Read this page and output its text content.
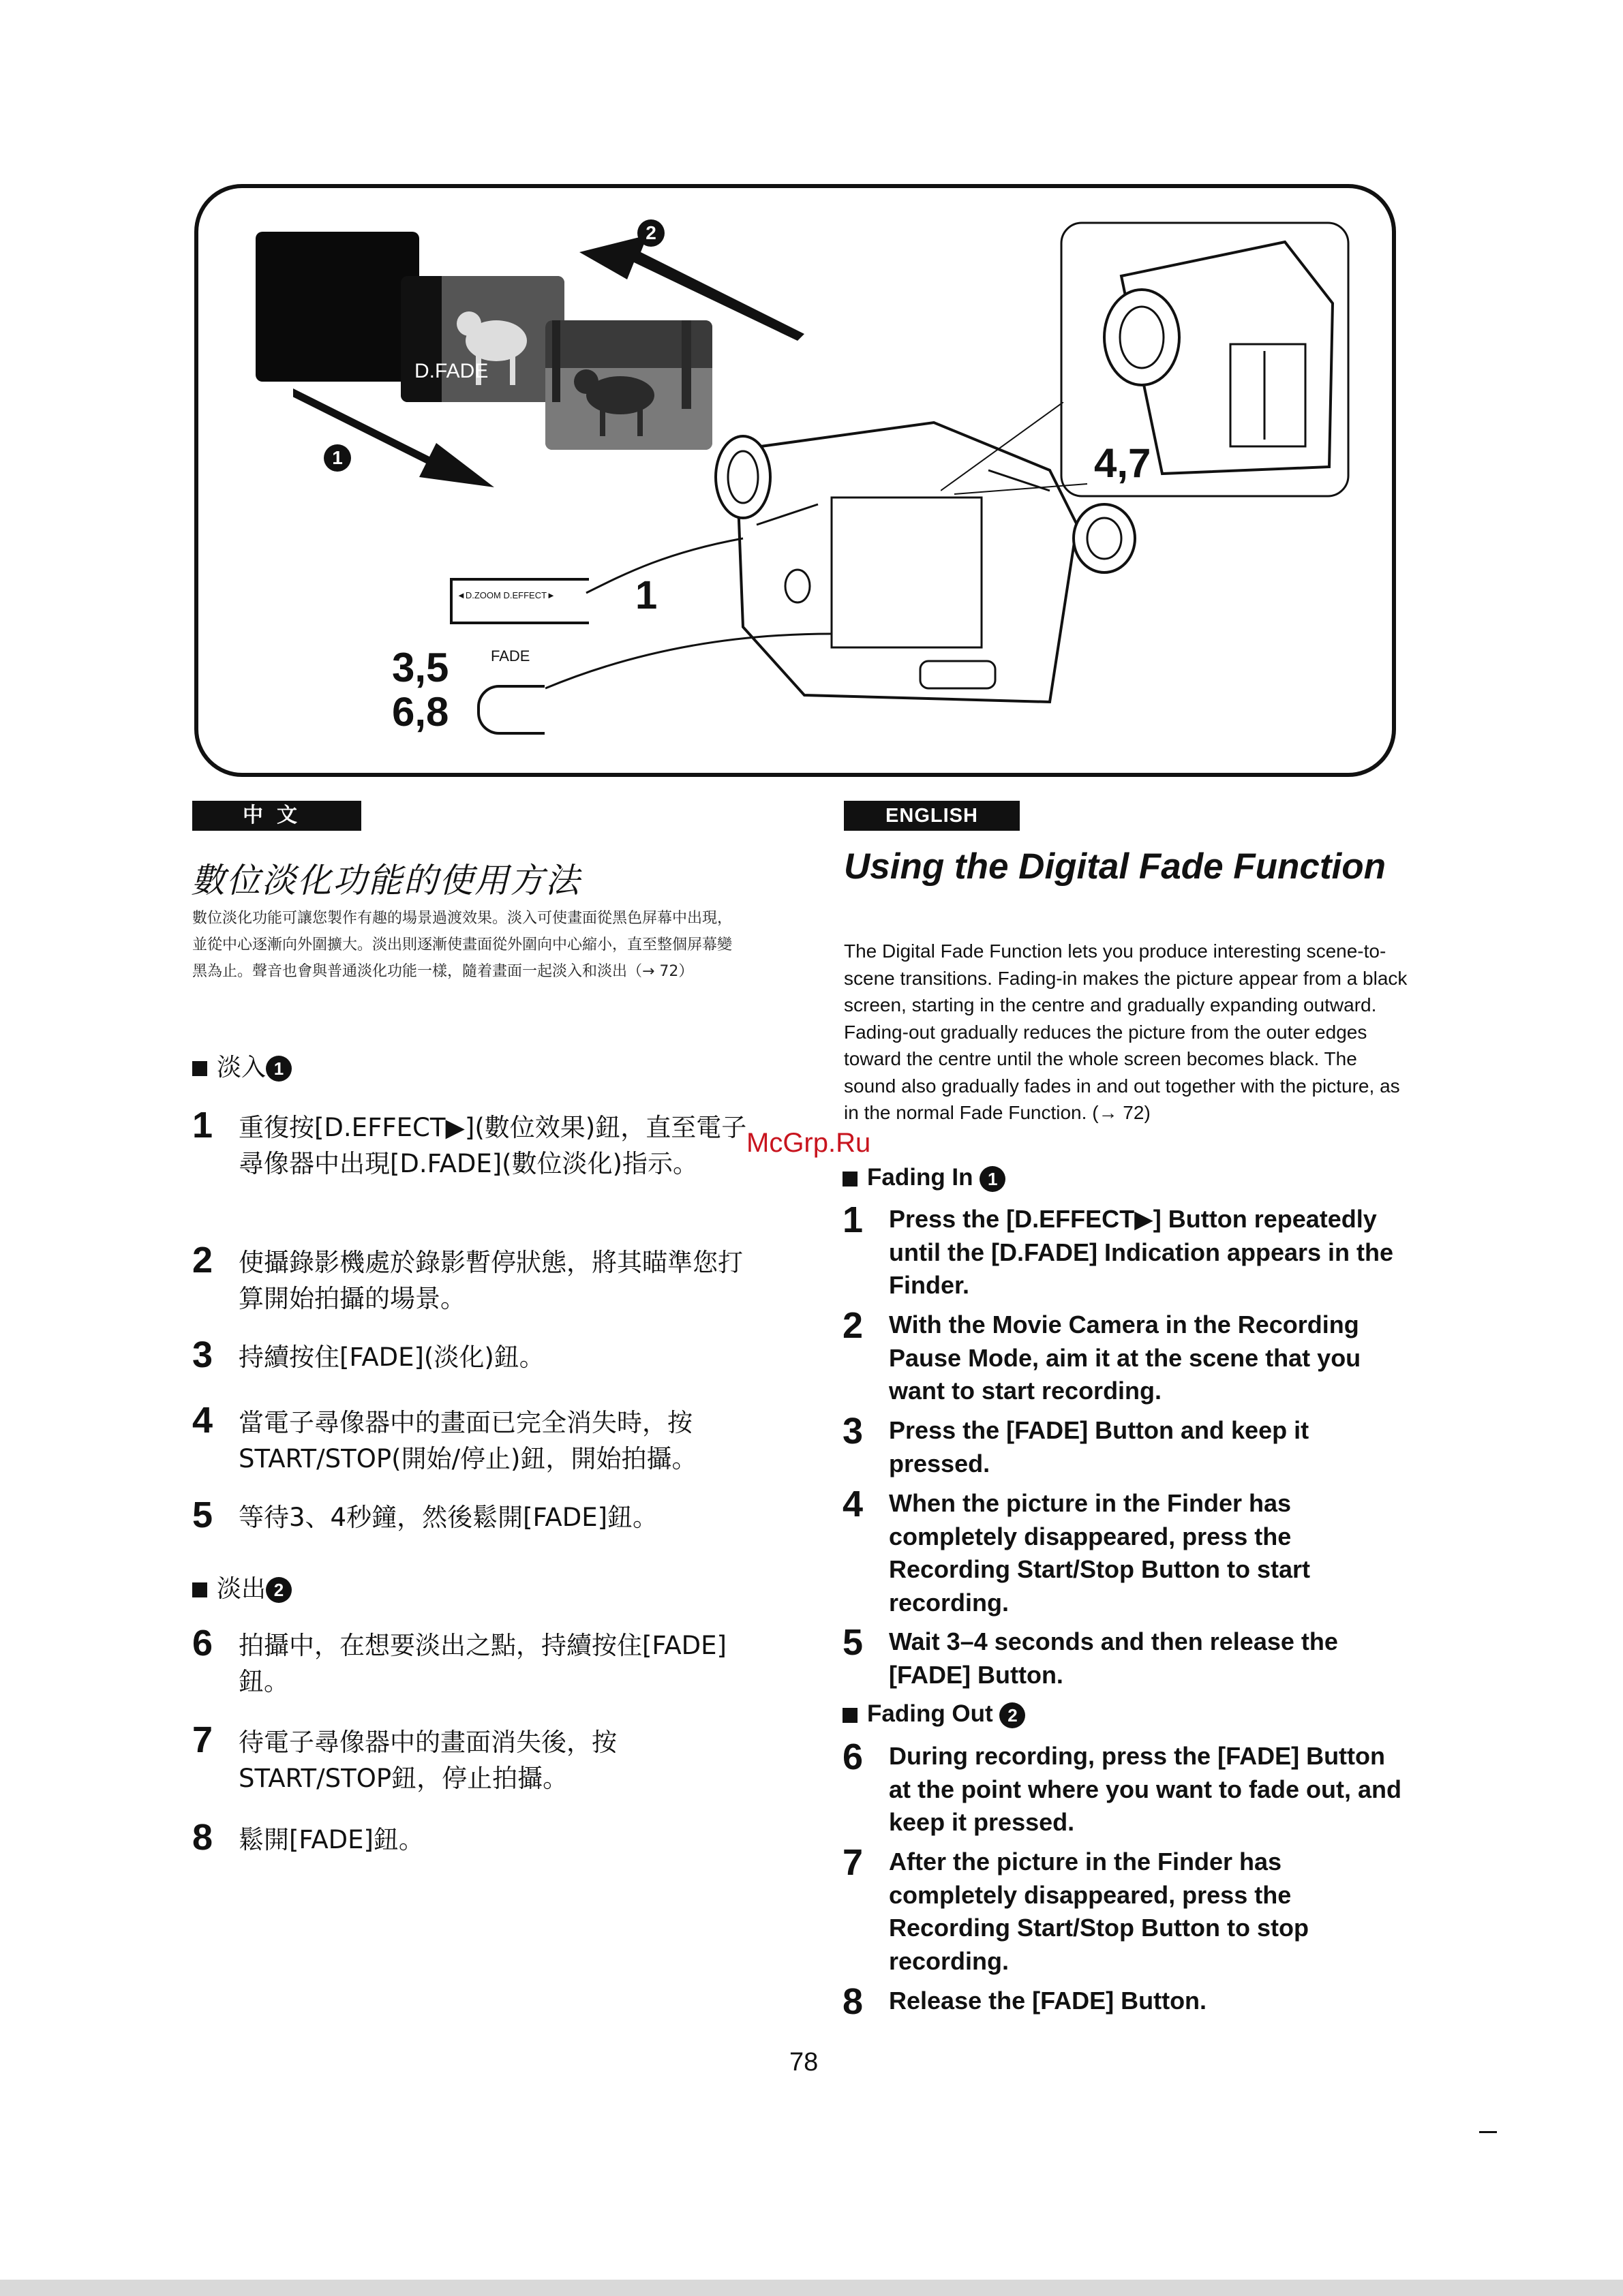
D.FADE
1
2
4,7
◄D.ZOOM D.EFFECT► 1
FADE
3,5
6,8
中文	ENGLISH
數位淡化功能的使用方法
數位淡化功能可讓您製作有趣的場景過渡效果。淡入可使畫面從黑色屏幕中出現，並從中心逐漸向外圍擴大。淡出則逐漸使畫面從外圍向中心縮小，直至整個屏幕變黑為止。聲音也會與普通淡化功能一樣，隨着畫面一起淡入和淡出（→ 72）
淡入 1
1 重復按[D.EFFECT▶](數位效果)鈕，直至電子尋像器中出現[D.FADE](數位淡化)指示。
2 使攝錄影機處於錄影暫停狀態，將其瞄準您打算開始拍攝的場景。
3 持續按住[FADE](淡化)鈕。
4 當電子尋像器中的畫面已完全消失時，按START/STOP(開始/停止)鈕，開始拍攝。
5 等待3、4秒鐘，然後鬆開[FADE]鈕。
淡出 2
6 拍攝中，在想要淡出之點，持續按住[FADE]鈕。
7 待電子尋像器中的畫面消失後，按START/STOP鈕，停止拍攝。
8 鬆開[FADE]鈕。
Using the Digital Fade Function
The Digital Fade Function lets you produce interesting scene-to-scene transitions. Fading-in makes the picture appear from a black screen, starting in the centre and gradually expanding outward. Fading-out gradually reduces the picture from the outer edges toward the centre until the whole screen becomes black. The sound also gradually fades in and out together with the picture, as in the normal Fade Function. (→ 72)
Fading In 1
1 Press the [D.EFFECT▶] Button repeatedly until the [D.FADE] Indication appears in the Finder.
2 With the Movie Camera in the Recording Pause Mode, aim it at the scene that you want to start recording.
3 Press the [FADE] Button and keep it pressed.
4 When the picture in the Finder has completely disappeared, press the Recording Start/Stop Button to start recording.
5 Wait 3–4 seconds and then release the [FADE] Button.
Fading Out 2
6 During recording, press the [FADE] Button at the point where you want to fade out, and keep it pressed.
7 After the picture in the Finder has completely disappeared, press the Recording Start/Stop Button to stop recording.
8 Release the [FADE] Button.
McGrp.Ru
78
